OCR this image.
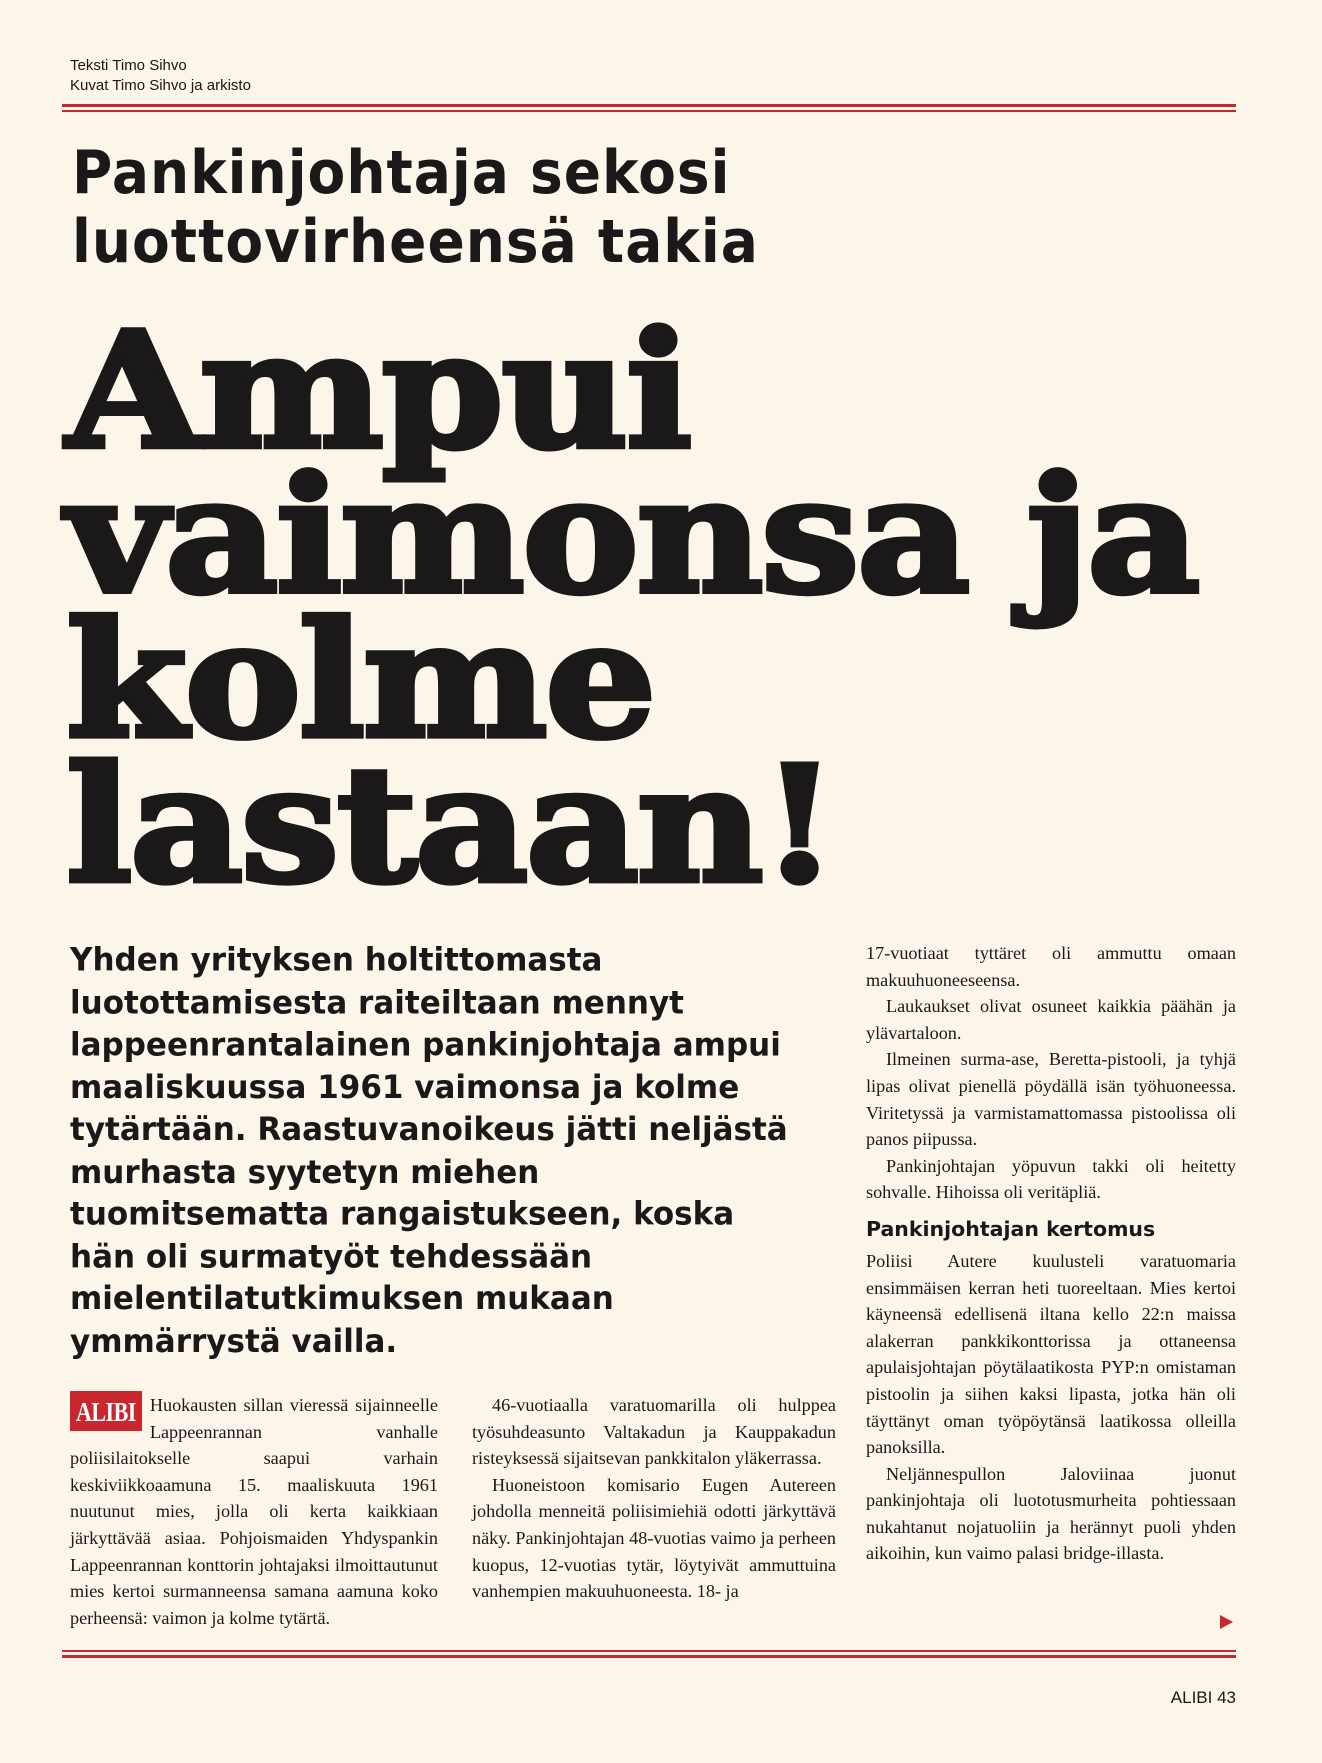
Teksti Timo Sihvo
Kuvat Timo Sihvo ja arkisto
Pankinjohtaja sekosi
luottovirheensä takia
Ampui
vaimonsa ja
kolme
lastaan!
Yhden yrityksen holtittomasta luotottamisesta raiteiltaan mennyt lappeenrantalainen pankinjohtaja ampui maaliskuussa 1961 vaimonsa ja kolme tytärtään. Raastuvanoikeus jätti neljästä murhasta syytetyn miehen tuomitsematta rangaistukseen, koska hän oli surmatyöt tehdessään mielentilatutkimuksen mukaan ymmärrystä vailla.
ALIBI Huokausten sillan vieressä sijainneelle Lappeenrannan vanhalle poliisilaitokselle saapui varhain keskiviikkoaamuna 15. maaliskuuta 1961 nuutunut mies, jolla oli kerta kaikkiaan järkyttävää asiaa. Pohjoismaiden Yhdyspankin Lappeenrannan konttorin johtajaksi ilmoittautunut mies kertoi surmanneensa samana aamuna koko perheensä: vaimon ja kolme tytärtä.

46-vuotiaalla varatuomarilla oli hulppea työsuhdeasunto Valtakadun ja Kauppakadun risteyksessä sijaitsevan pankkitalon yläkerrassa.

Huoneistoon komisario Eugen Autereen johdolla menneitä poliisimiehiä odotti järkyttävä näky. Pankinjohtajan 48-vuotias vaimo ja perheen kuopus, 12-vuotias tytär, löytyivät ammuttuina vanhempien makuuhuoneesta. 18- ja

17-vuotiaat tyttäret oli ammuttu omaan makuuhuoneeseensa.

Laukaukset olivat osuneet kaikkia päähän ja ylävartaloon.

Ilmeinen surma-ase, Beretta-pistooli, ja tyhjä lipas olivat pienellä pöydällä isän työhuoneessa. Viritetyssä ja varmistamattomassa pistoolissa oli panos piipussa.

Pankinjohtajan yöpuvun takki oli heitetty sohvalle. Hihoissa oli veritäpliä.

Pankinjohtajan kertomus

Poliisi Autere kuulusteli varatuomaria ensimmäisen kerran heti tuoreeltaan. Mies kertoi käyneensä edellisenä iltana kello 22:n maissa alakerran pankkikonttorissa ja ottaneensa apulaisjohtajan pöytälaatikosta PYP:n omistaman pistoolin ja siihen kaksi lipasta, jotka hän oli täyttänyt oman työpöytänsä laatikossa olleilla panoksilla.

Neljännespullon Jaloviinaa juonut pankinjohtaja oli luototusmurheita pohtiessaan nukahtanut nojatuoliin ja herännyt puoli yhden aikoihin, kun vaimo palasi bridge-illasta.

ALIBI 43
